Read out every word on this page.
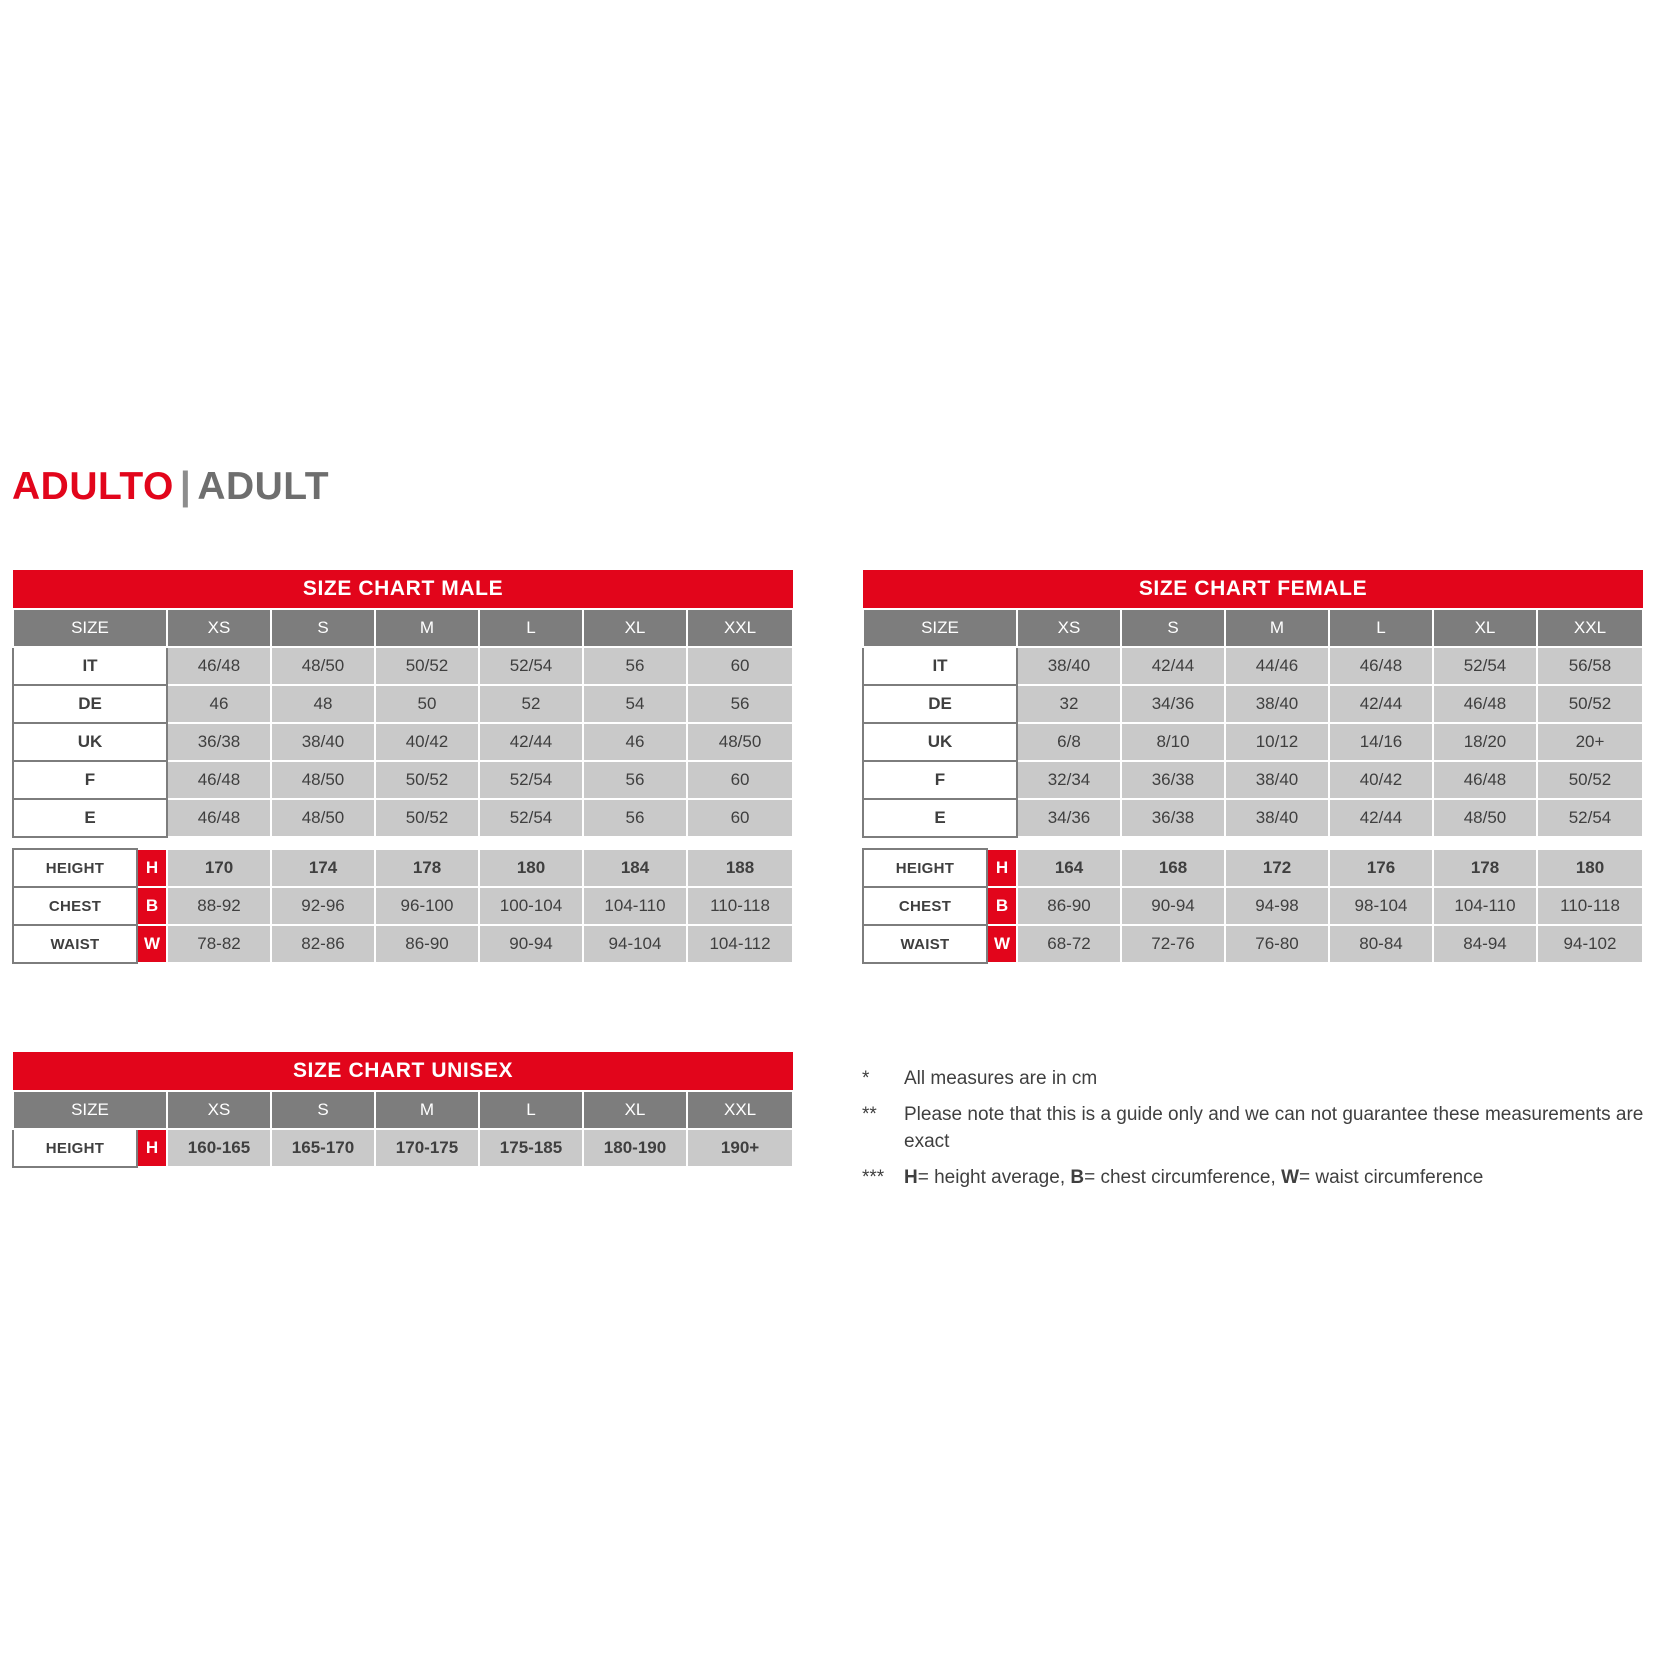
ADULTO | ADULT
SIZE CHART MALE							
SIZE		XS	S	M	L	XL	XXL
IT		46/48	48/50	50/52	52/54	56	60
DE		46	48	50	52	54	56
UK		36/38	38/40	40/42	42/44	46	48/50
F		46/48	48/50	50/52	52/54	56	60
E		46/48	48/50	50/52	52/54	56	60

HEIGHT	H	170	174	178	180	184	188
CHEST	B	88-92	92-96	96-100	100-104	104-110	110-118
WAIST	W	78-82	82-86	86-90	90-94	94-104	104-112
SIZE CHART FEMALE							
SIZE		XS	S	M	L	XL	XXL
IT		38/40	42/44	44/46	46/48	52/54	56/58
DE		32	34/36	38/40	42/44	46/48	50/52
UK		6/8	8/10	10/12	14/16	18/20	20+
F		32/34	36/38	38/40	40/42	46/48	50/52
E		34/36	36/38	38/40	42/44	48/50	52/54

HEIGHT	H	164	168	172	176	178	180
CHEST	B	86-90	90-94	94-98	98-104	104-110	110-118
WAIST	W	68-72	72-76	76-80	80-84	84-94	94-102
SIZE CHART UNISEX							
SIZE		XS	S	M	L	XL	XXL
HEIGHT	H	160-165	165-170	170-175	175-185	180-190	190+
*	All measures are in cm
**	Please note that this is a guide only and we can not guarantee these measurements are exact
***	H= height average, B= chest circumference, W= waist circumference
